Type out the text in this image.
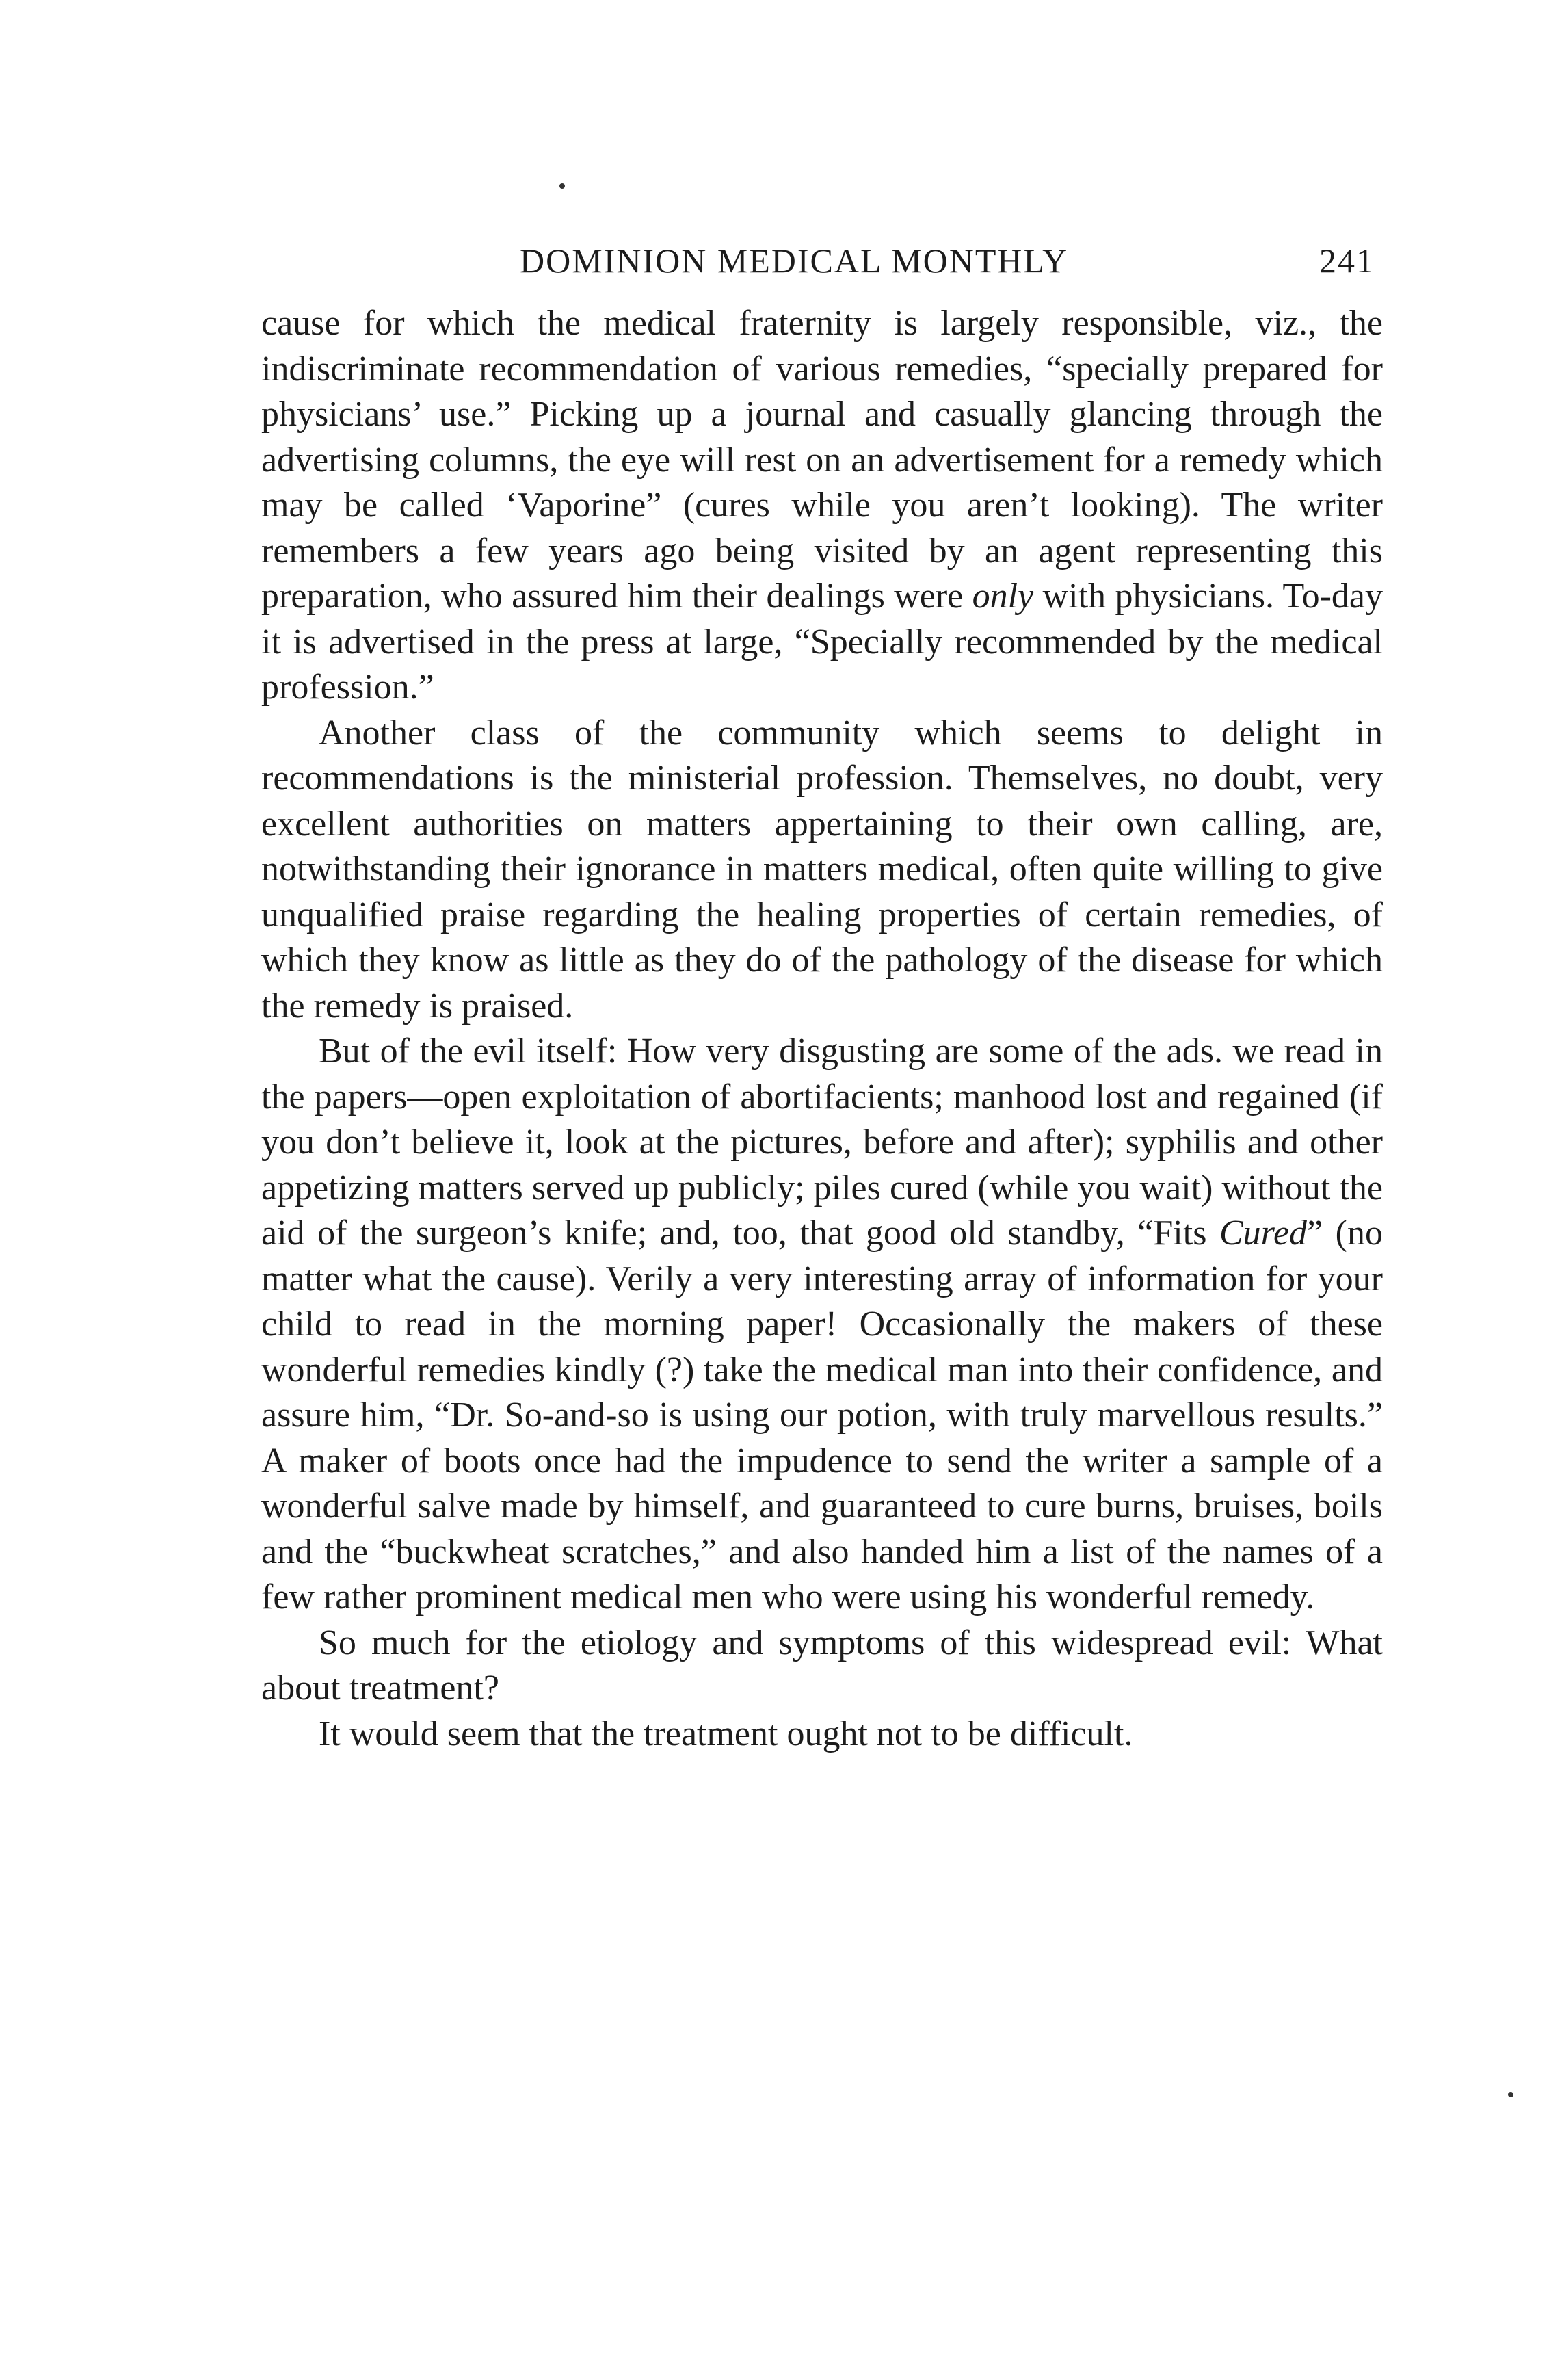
DOMINION MEDICAL MONTHLY	241

cause for which the medical fraternity is largely responsible, viz., the indiscriminate recommendation of various remedies, “specially prepared for physicians’ use.” Picking up a journal and casually glancing through the advertising columns, the eye will rest on an advertisement for a remedy which may be called ‘Vaporine” (cures while you aren’t looking). The writer remembers a few years ago being visited by an agent representing this preparation, who assured him their dealings were only with physicians. To-day it is advertised in the press at large, “Specially recommended by the medical profession.”

Another class of the community which seems to delight in recommendations is the ministerial profession. Themselves, no doubt, very excellent authorities on matters appertaining to their own calling, are, notwithstanding their ignorance in matters medical, often quite willing to give unqualified praise regarding the healing properties of certain remedies, of which they know as little as they do of the pathology of the disease for which the remedy is praised.

But of the evil itself: How very disgusting are some of the ads. we read in the papers—open exploitation of abortifacients; manhood lost and regained (if you don’t believe it, look at the pictures, before and after); syphilis and other appetizing matters served up publicly; piles cured (while you wait) without the aid of the surgeon’s knife; and, too, that good old standby, “Fits Cured” (no matter what the cause). Verily a very interesting array of information for your child to read in the morning paper! Occasionally the makers of these wonderful remedies kindly (?) take the medical man into their confidence, and assure him, “Dr. So-and-so is using our potion, with truly marvellous results.” A maker of boots once had the impudence to send the writer a sample of a wonderful salve made by himself, and guaranteed to cure burns, bruises, boils and the “buckwheat scratches,” and also handed him a list of the names of a few rather prominent medical men who were using his wonderful remedy.

So much for the etiology and symptoms of this widespread evil: What about treatment?

It would seem that the treatment ought not to be difficult.
